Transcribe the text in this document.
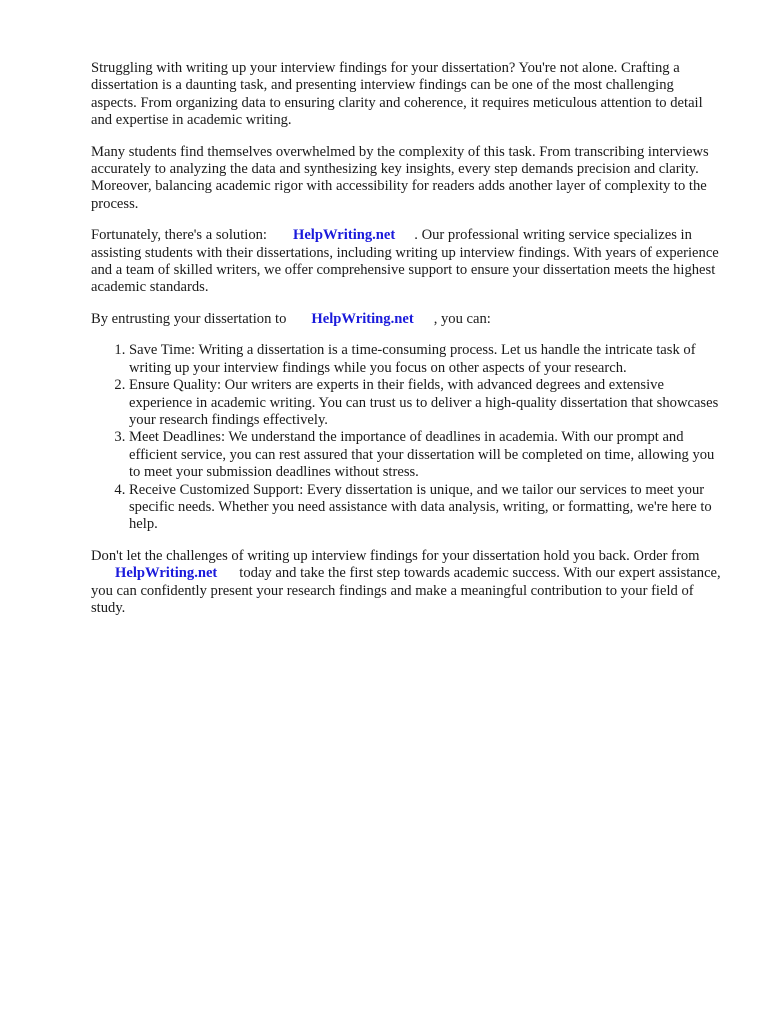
Struggling with writing up your interview findings for your dissertation? You're not alone. Crafting a dissertation is a daunting task, and presenting interview findings can be one of the most challenging aspects. From organizing data to ensuring clarity and coherence, it requires meticulous attention to detail and expertise in academic writing.

Many students find themselves overwhelmed by the complexity of this task. From transcribing interviews accurately to analyzing the data and synthesizing key insights, every step demands precision and clarity. Moreover, balancing academic rigor with accessibility for readers adds another layer of complexity to the process.

Fortunately, there's a solution: HelpWriting.net . Our professional writing service specializes in assisting students with their dissertations, including writing up interview findings. With years of experience and a team of skilled writers, we offer comprehensive support to ensure your dissertation meets the highest academic standards.

By entrusting your dissertation to HelpWriting.net , you can:

1. Save Time: Writing a dissertation is a time-consuming process. Let us handle the intricate task of writing up your interview findings while you focus on other aspects of your research.
2. Ensure Quality: Our writers are experts in their fields, with advanced degrees and extensive experience in academic writing. You can trust us to deliver a high-quality dissertation that showcases your research findings effectively.
3. Meet Deadlines: We understand the importance of deadlines in academia. With our prompt and efficient service, you can rest assured that your dissertation will be completed on time, allowing you to meet your submission deadlines without stress.
4. Receive Customized Support: Every dissertation is unique, and we tailor our services to meet your specific needs. Whether you need assistance with data analysis, writing, or formatting, we're here to help.

Don't let the challenges of writing up interview findings for your dissertation hold you back. Order fromHelpWriting.net today and take the first step towards academic success. With our expert assistance, you can confidently present your research findings and make a meaningful contribution to your field of study.
